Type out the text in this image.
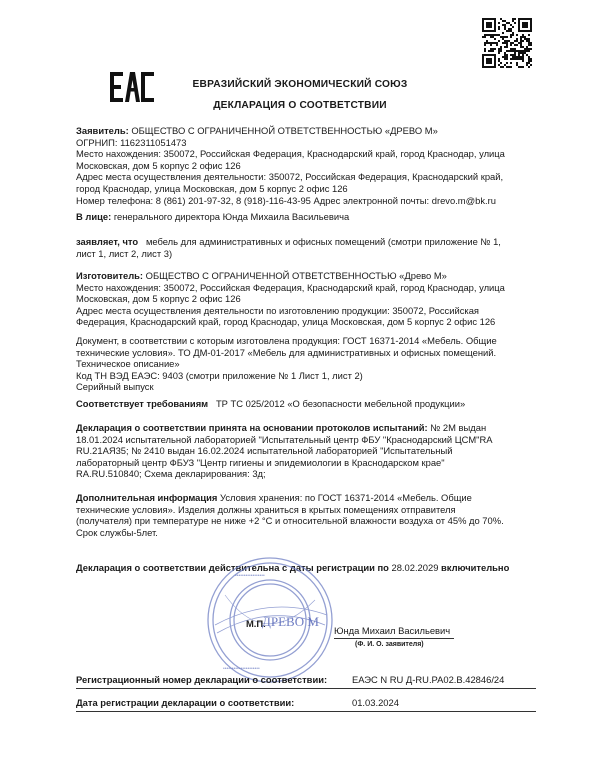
ЕВРАЗИЙСКИЙ ЭКОНОМИЧЕСКИЙ СОЮЗ
ДЕКЛАРАЦИЯ О СООТВЕТСТВИИ
Заявитель: ОБЩЕСТВО С ОГРАНИЧЕННОЙ ОТВЕТСТВЕННОСТЬЮ «ДРЕВО М»
ОГРНИП: 1162311051473
Место нахождения: 350072, Российская Федерация, Краснодарский край, город Краснодар, улица
Московская, дом 5 корпус 2 офис 126
Адрес места осуществления деятельности: 350072, Российская Федерация, Краснодарский край,
город Краснодар, улица Московская, дом 5 корпус 2 офис 126
Номер телефона: 8 (861) 201-97-32, 8 (918)-116-43-95 Адрес электронной почты: drevo.m@bk.ru
В лице: генерального директора Юнда Михаила Васильевича
заявляет, что мебель для административных и офисных помещений (смотри приложение № 1,
лист 1, лист 2, лист 3)
Изготовитель: ОБЩЕСТВО С ОГРАНИЧЕННОЙ ОТВЕТСТВЕННОСТЬЮ «Древо М»
Место нахождения: 350072, Российская Федерация, Краснодарский край, город Краснодар, улица
Московская, дом 5 корпус 2 офис 126
Адрес места осуществления деятельности по изготовлению продукции: 350072, Российская
Федерация, Краснодарский край, город Краснодар, улица Московская, дом 5 корпус 2 офис 126
Документ, в соответствии с которым изготовлена продукция: ГОСТ 16371-2014 «Мебель. Общие
технические условия». ТО ДМ-01-2017 «Мебель для административных и офисных помещений.
Техническое описание»
Код ТН ВЭД ЕАЭС: 9403 (смотри приложение № 1 Лист 1, лист 2)
Серийный выпуск
Соответствует требованиям ТР ТС 025/2012 «О безопасности мебельной продукции»
Декларация о соответствии принята на основании протоколов испытаний: № 2М выдан
18.01.2024 испытательной лабораторией "Испытательный центр ФБУ "Краснодарский ЦСМ"RA
RU.21АЯ35; № 2410 выдан 16.02.2024 испытательной лабораторией "Испытательный
лабораторный центр ФБУЗ "Центр гигиены и эпидемиологии в Краснодарском крае"
RA.RU.510840; Схема декларирования: 3д;
Дополнительная информация Условия хранения: по ГОСТ 16371-2014 «Мебель. Общие
технические условия». Изделия должны храниться в крытых помещениях отправителя
(получателя) при температуре не ниже +2 °С и относительной влажности воздуха от 45% до 70%.
Срок службы-5лет.
Декларация о соответствии действительна с даты регистрации по 28.02.2029 включительно
•••••••••••••••••
•••••••••••••••••••••
М.П.
ДРЕВО М
Юнда Михаил Васильевич
(Ф. И. О. заявителя)
Регистрационный номер декларации о соответствии:	ЕАЭС N RU Д-RU.PA02.B.42846/24
Дата регистрации декларации о соответствии:	01.03.2024
